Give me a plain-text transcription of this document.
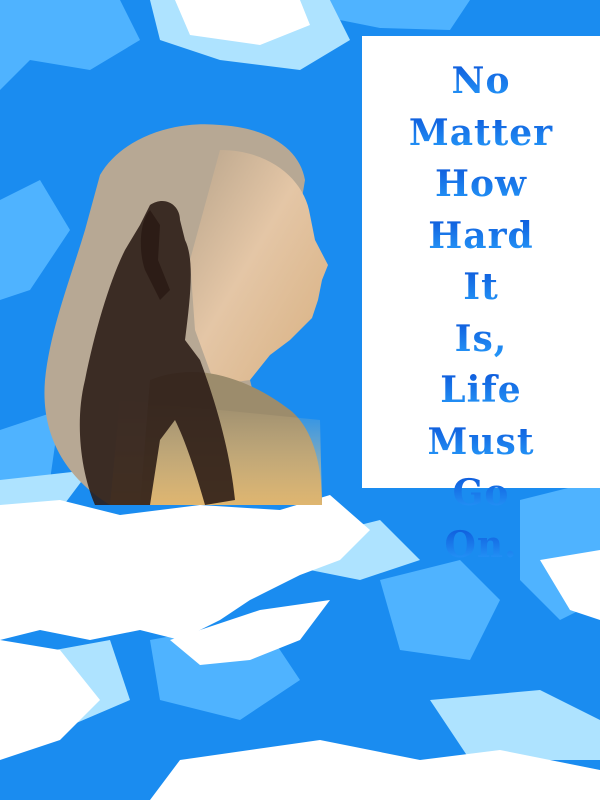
No
Matter
How
Hard
It
Is,
Life
Must
Go
On.
